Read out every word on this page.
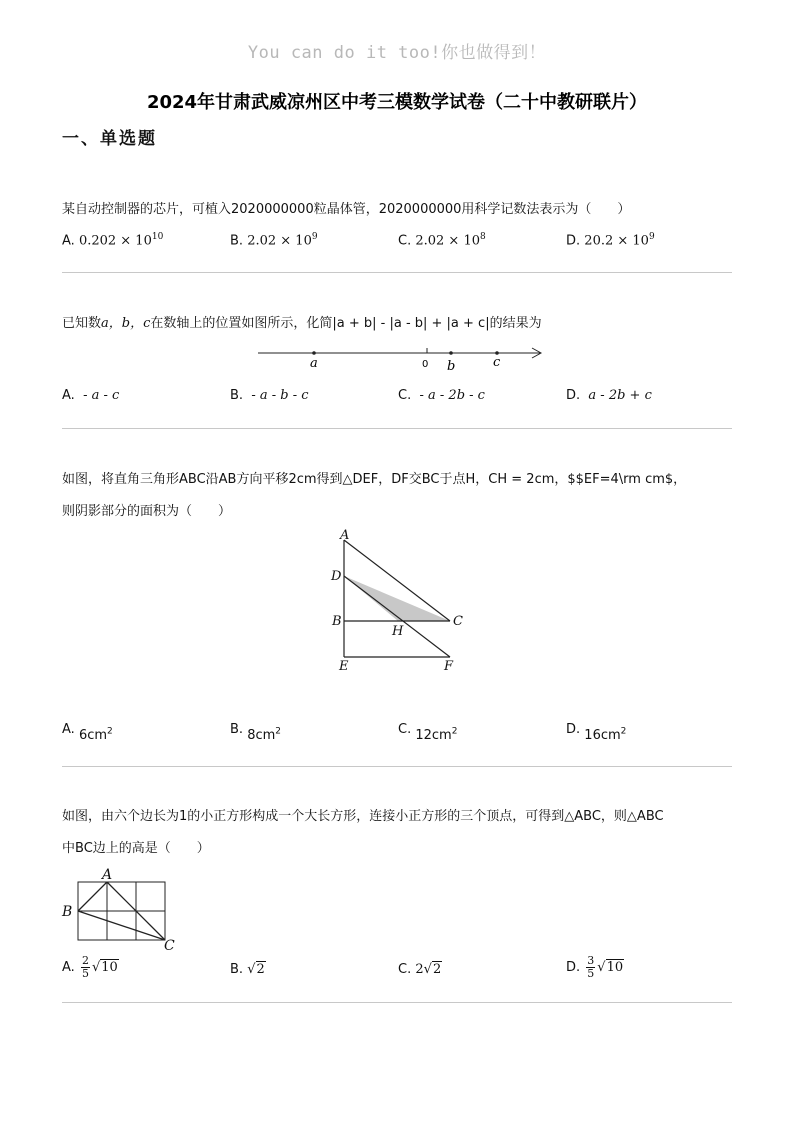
You can do it too!你也做得到！
2024年甘肃武威凉州区中考三模数学试卷（二十中教研联片）
一、单选题
某自动控制器的芯片，可植入2020000000粒晶体管，2020000000用科学记数法表示为（　　）
A. $0.202 \times 10^{10}$	B. $2.02 \times 10^9$	C. $2.02 \times 10^8$	D. $20.2 \times 10^9$
已知数a，b，c在数轴上的位置如图所示，化简|a + b| - |a - b| + |a + c|的结果为
a	0 b	c
A. - a - c	B. - a - b - c	C. - a - 2b - c	D. a - 2b + c
如图，将直角三角形ABC沿AB方向平移2cm得到△DEF，DF交BC于点H，CH = 2cm，$$EF=4\rm cm$，
则阴影部分的面积为（　　）
A
D
B
H
C
E	F
A. $6cm^2$	B. $8cm^2$	C. $12cm^2$	D. $16cm^2$
如图，由六个边长为1的小正方形构成一个大长方形，连接小正方形的三个顶点，可得到△ABC，则△ABC
中BC边上的高是（　　）
A
B
C
A. $\frac{2}{5} √10$	B. √2	C. 2√2	D. $\frac{3}{5} √10$
